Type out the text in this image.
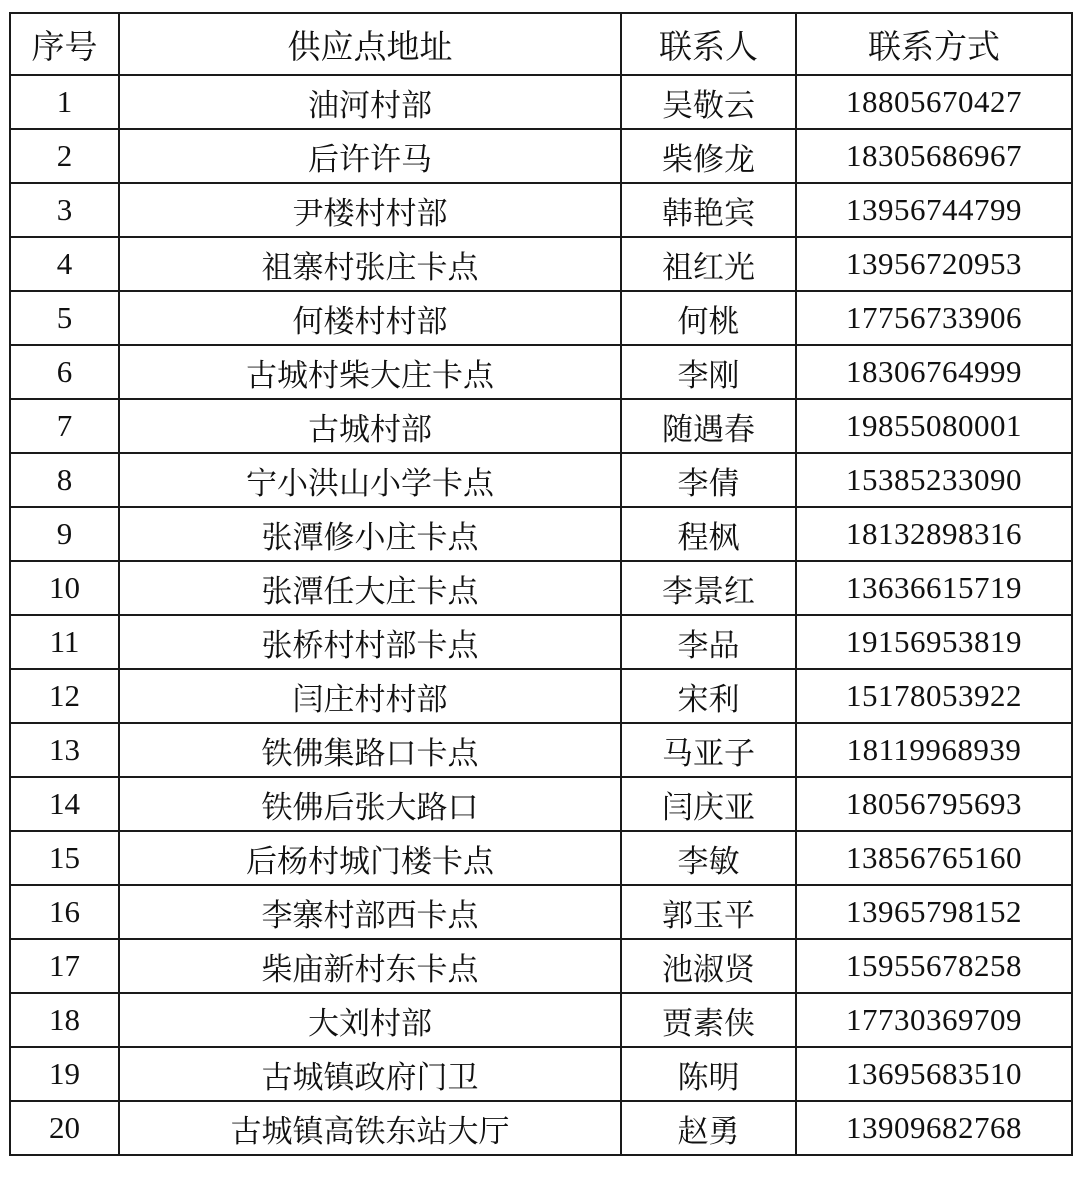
序号	供应点地址	联系人	联系方式
1	油河村部	吴敬云	18805670427
2	后许许马	柴修龙	18305686967
3	尹楼村村部	韩艳宾	13956744799
4	祖寨村张庄卡点	祖红光	13956720953
5	何楼村村部	何桃	17756733906
6	古城村柴大庄卡点	李刚	18306764999
7	古城村部	随遇春	19855080001
8	宁小洪山小学卡点	李倩	15385233090
9	张潭修小庄卡点	程枫	18132898316
10	张潭任大庄卡点	李景红	13636615719
11	张桥村村部卡点	李品	19156953819
12	闫庄村村部	宋利	15178053922
13	铁佛集路口卡点	马亚子	18119968939
14	铁佛后张大路口	闫庆亚	18056795693
15	后杨村城门楼卡点	李敏	13856765160
16	李寨村部西卡点	郭玉平	13965798152
17	柴庙新村东卡点	池淑贤	15955678258
18	大刘村部	贾素侠	17730369709
19	古城镇政府门卫	陈明	13695683510
20	古城镇高铁东站大厅	赵勇	13909682768
